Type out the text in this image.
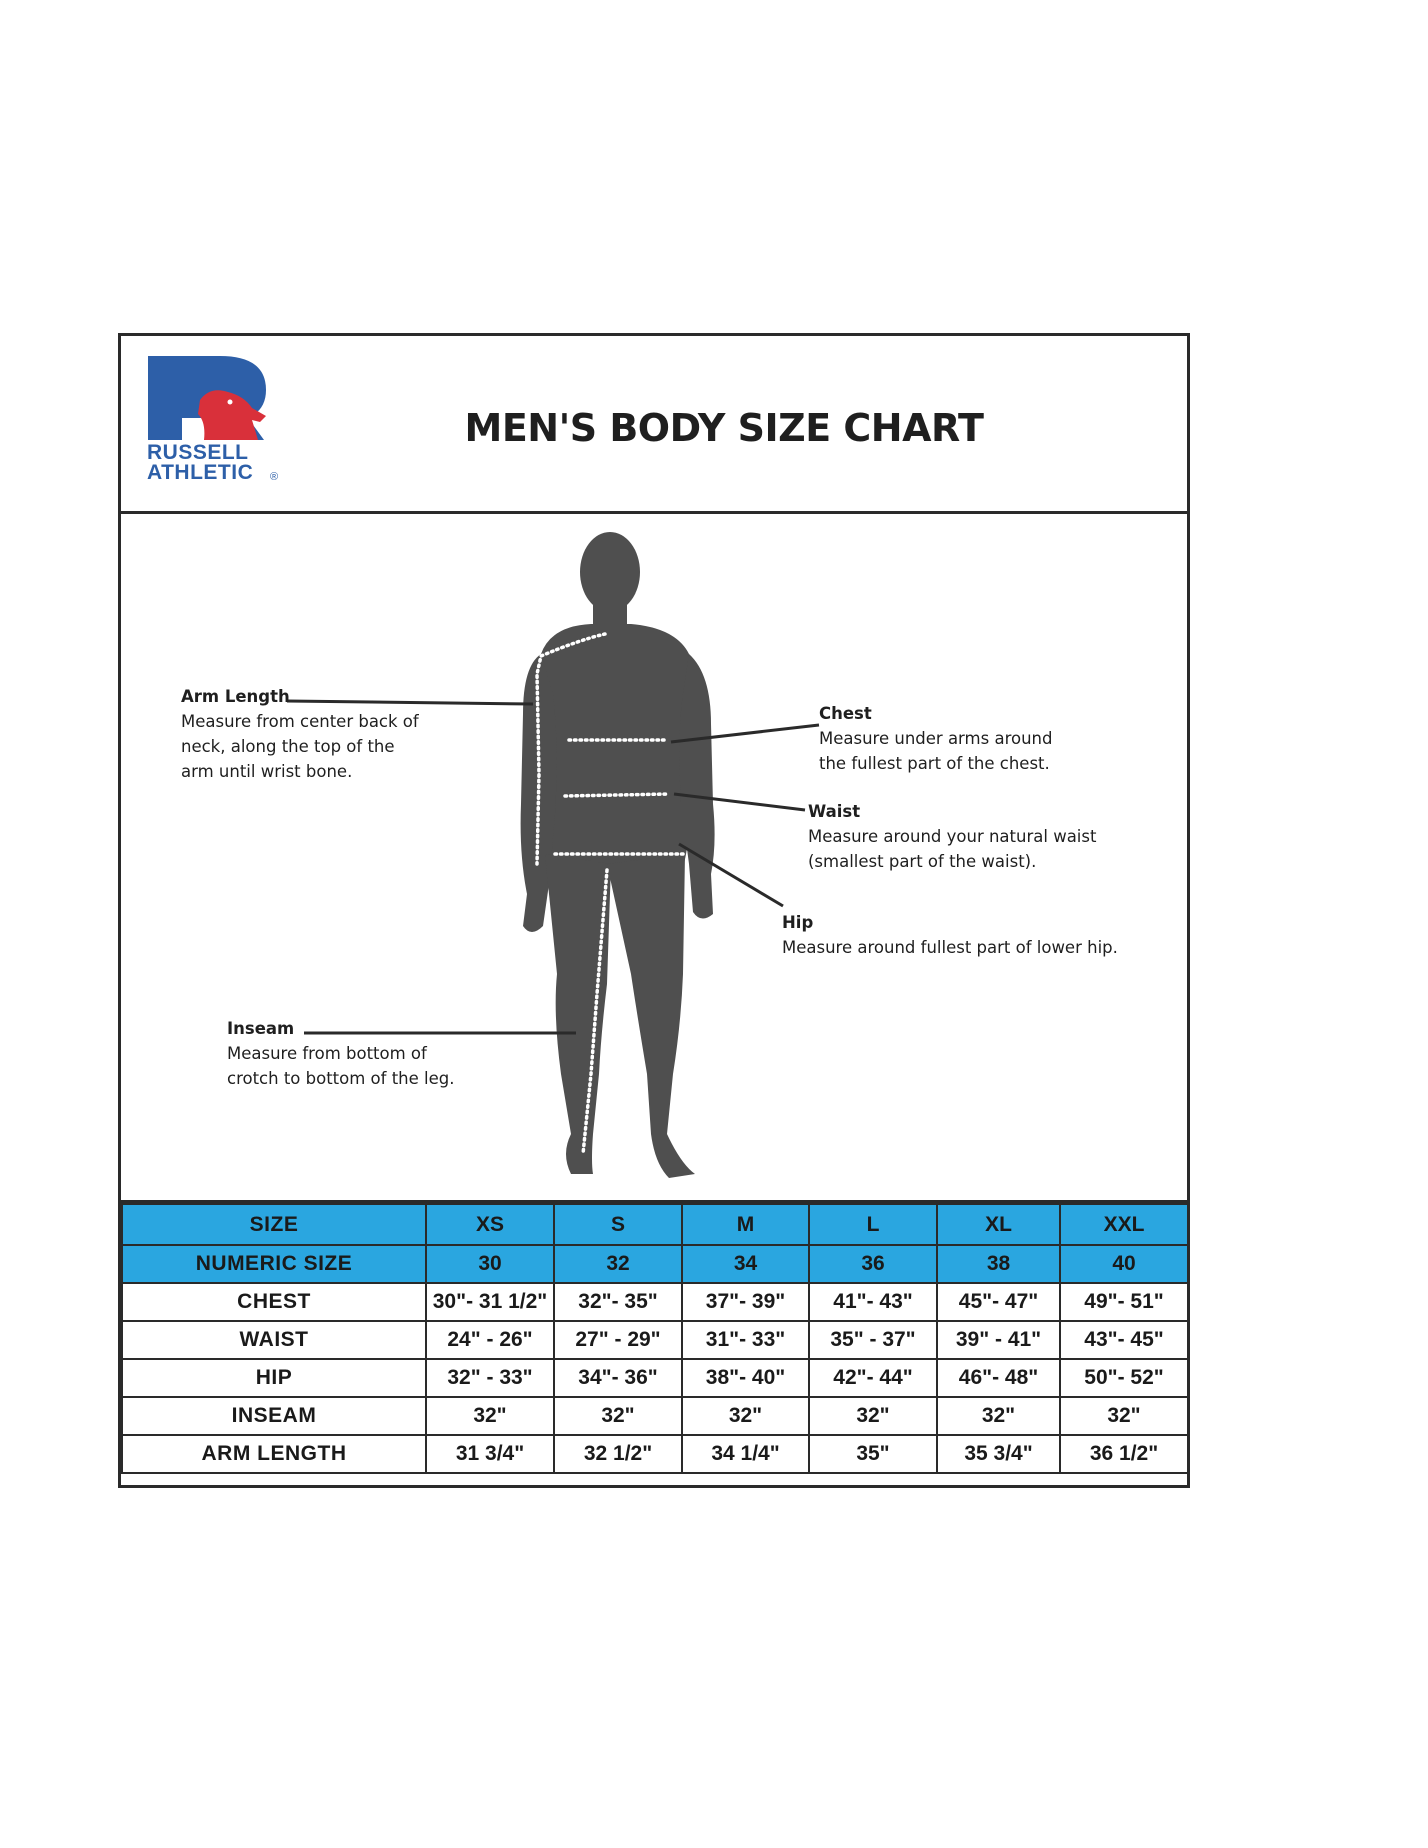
RUSSELL
ATHLETIC ®
MEN'S BODY SIZE CHART
Arm Length
Measure from center back of
neck, along the top of the
arm until wrist bone.
Chest
Measure under arms around
the fullest part of the chest.
Waist
Measure around your natural waist
(smallest part of the waist).
Hip
Measure around fullest part of lower hip.
Inseam
Measure from bottom of
crotch to bottom of the leg.
SIZE	XS	S	M	L	XL	XXL
NUMERIC SIZE	30	32	34	36	38	40
CHEST	30"- 31 1/2"	32"- 35"	37"- 39"	41"- 43"	45"- 47"	49"- 51"
WAIST	24" - 26"	27" - 29"	31"- 33"	35" - 37"	39" - 41"	43"- 45"
HIP	32" - 33"	34"- 36"	38"- 40"	42"- 44"	46"- 48"	50"- 52"
INSEAM	32"	32"	32"	32"	32"	32"
ARM LENGTH	31 3/4"	32 1/2"	34 1/4"	35"	35 3/4"	36 1/2"
